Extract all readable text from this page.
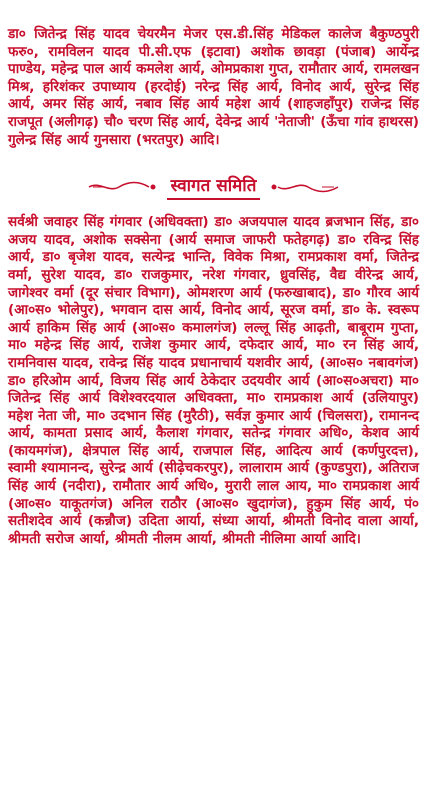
डा० जितेन्द्र सिंह यादव चेयरमैन मेजर एस.डी.सिंह मेडिकल कालेज बैकुण्ठपुरी फरु०, रामविलन यादव पी.सी.एफ (इटावा) अशोक छावड़ा (पंजाब) आर्येन्द्र पाण्डेय, महेन्द्र पाल आर्य कमलेश आर्य, ओमप्रकाश गुप्त, रामौतार आर्य, रामलखन मिश्र, हरिशंकर उपाध्याय (हरदोई) नरेन्द्र सिंह आर्य, विनोद आर्य, सुरेन्द्र सिंह आर्य, अमर सिंह आर्य, नबाव सिंह आर्य महेश आर्य (शाहजहाँपुर) राजेन्द्र सिंह राजपूत (अलीगढ़) चौ० चरण सिंह आर्य, देवेन्द्र आर्य 'नेताजी' (ऊँचा गांव हाथरस) गुलेन्द्र सिंह आर्य गुनसारा (भरतपुर) आदि।

स्वागत समिति

सर्वश्री जवाहर सिंह गंगवार (अधिवक्ता) डा० अजयपाल यादव ब्रजभान सिंह, डा० अजय यादव, अशोक सक्सेना (आर्य समाज जाफरी फतेहगढ़) डा० रविन्द्र सिंह आर्य, डा० बृजेश यादव, सत्येन्द्र भान्ति, विवेक मिश्रा, रामप्रकाश वर्मा, जितेन्द्र वर्मा, सुरेश यादव, डा० राजकुमार, नरेश गंगवार, ध्रुवसिंह, वैद्य वीरेन्द्र आर्य, जागेश्वर वर्मा (दूर संचार विभाग), ओमशरण आर्य (फरुखाबाद), डा० गौरव आर्य (आ०स० भोलेपुर), भगवान दास आर्य, विनोद आर्य, सूरज वर्मा, डा० के. स्वरूप आर्य हाकिम सिंह आर्य (आ०स० कमालगंज) लल्लू सिंह आढ़ती, बाबूराम गुप्ता, मा० महेन्द्र सिंह आर्य, राजेश कुमार आर्य, दफेदार आर्य, मा० रन सिंह आर्य, रामनिवास यादव, रावेन्द्र सिंह यादव प्रधानाचार्य यशवीर आर्य, (आ०स० नबावगंज) डा० हरिओम आर्य, विजय सिंह आर्य ठेकेदार उदयवीर आर्य (आ०स०अचरा) मा० जितेन्द्र सिंह आर्य विशेश्वरदयाल अधिवक्ता, मा० रामप्रकाश आर्य (उलियापुर) महेश नेता जी, मा० उदभान सिंह (मुरैठी), सर्वज्ञ कुमार आर्य (चिलसरा), रामानन्द आर्य, कामता प्रसाद आर्य, कैलाश गंगवार, सतेन्द्र गंगवार अधि०, केशव आर्य (कायमगंज), क्षेत्रपाल सिंह आर्य, राजपाल सिंह, आदित्य आर्य (कर्णपुरदत्त), स्वामी श्यामानन्द, सुरेन्द्र आर्य (सीढ़ेचकरपुर), लालाराम आर्य (कुण्डपुरा), अतिराज सिंह आर्य (नदीरा), रामौतार आर्य अधि०, मुरारी लाल आय, मा० रामप्रकाश आर्य (आ०स० याकूतगंज) अनिल राठौर (आ०स० खुदागंज), हुकुम सिंह आर्य, पं० सतीशदेव आर्य (कन्नौज) उदिता आर्या, संध्या आर्या, श्रीमती विनोद वाला आर्या, श्रीमती सरोज आर्या, श्रीमती नीलम आर्या, श्रीमती नीलिमा आर्या आदि।
